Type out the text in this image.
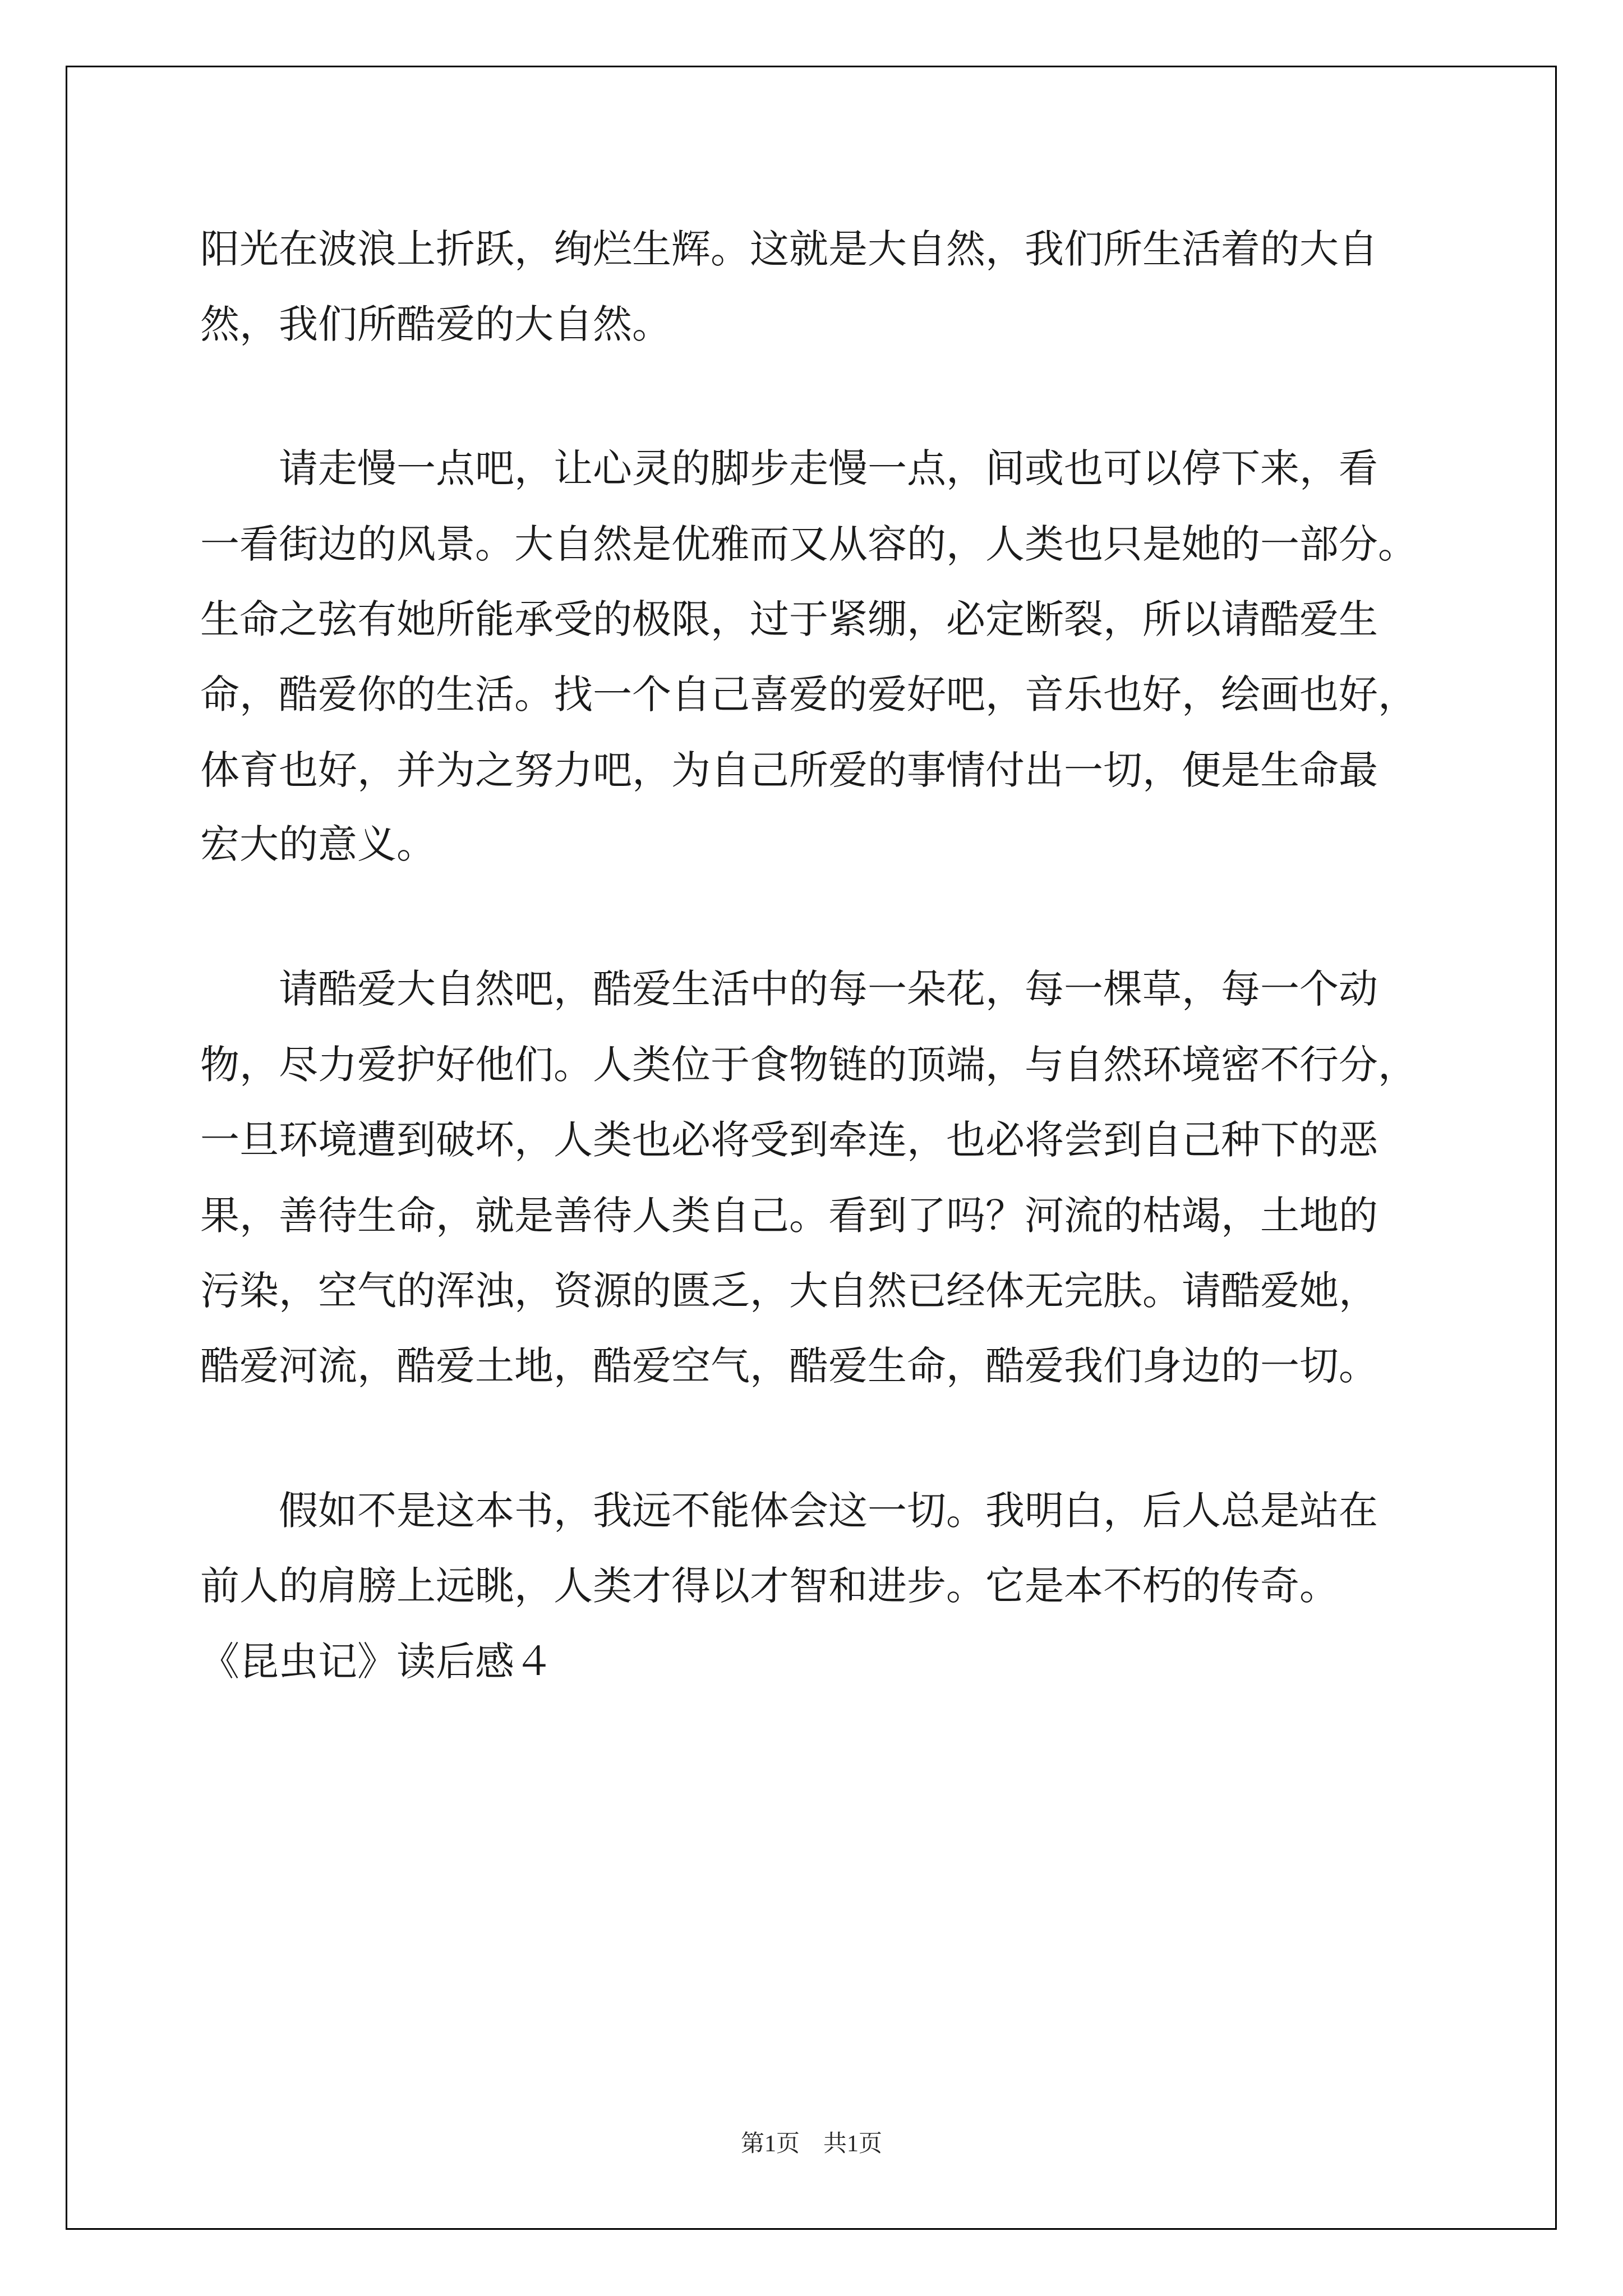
阳光在波浪上折跃，绚烂生辉。这就是大自然，我们所生活着的大自

然，我们所酷爱的大自然。

　　请走慢一点吧，让心灵的脚步走慢一点，间或也可以停下来，看

一看街边的风景。大自然是优雅而又从容的，人类也只是她的一部分。

生命之弦有她所能承受的极限，过于紧绷，必定断裂，所以请酷爱生

命，酷爱你的生活。找一个自己喜爱的爱好吧，音乐也好，绘画也好，

体育也好，并为之努力吧，为自己所爱的事情付出一切，便是生命最

宏大的意义。

　　请酷爱大自然吧，酷爱生活中的每一朵花，每一棵草，每一个动

物，尽力爱护好他们。人类位于食物链的顶端，与自然环境密不行分，

一旦环境遭到破坏，人类也必将受到牵连，也必将尝到自己种下的恶

果，善待生命，就是善待人类自己。看到了吗？河流的枯竭，土地的

污染，空气的浑浊，资源的匮乏，大自然已经体无完肤。请酷爱她，

酷爱河流，酷爱土地，酷爱空气，酷爱生命，酷爱我们身边的一切。

　　假如不是这本书，我远不能体会这一切。我明白，后人总是站在

前人的肩膀上远眺，人类才得以才智和进步。它是本不朽的传奇。

《昆虫记》读后感４

第1页　共1页
